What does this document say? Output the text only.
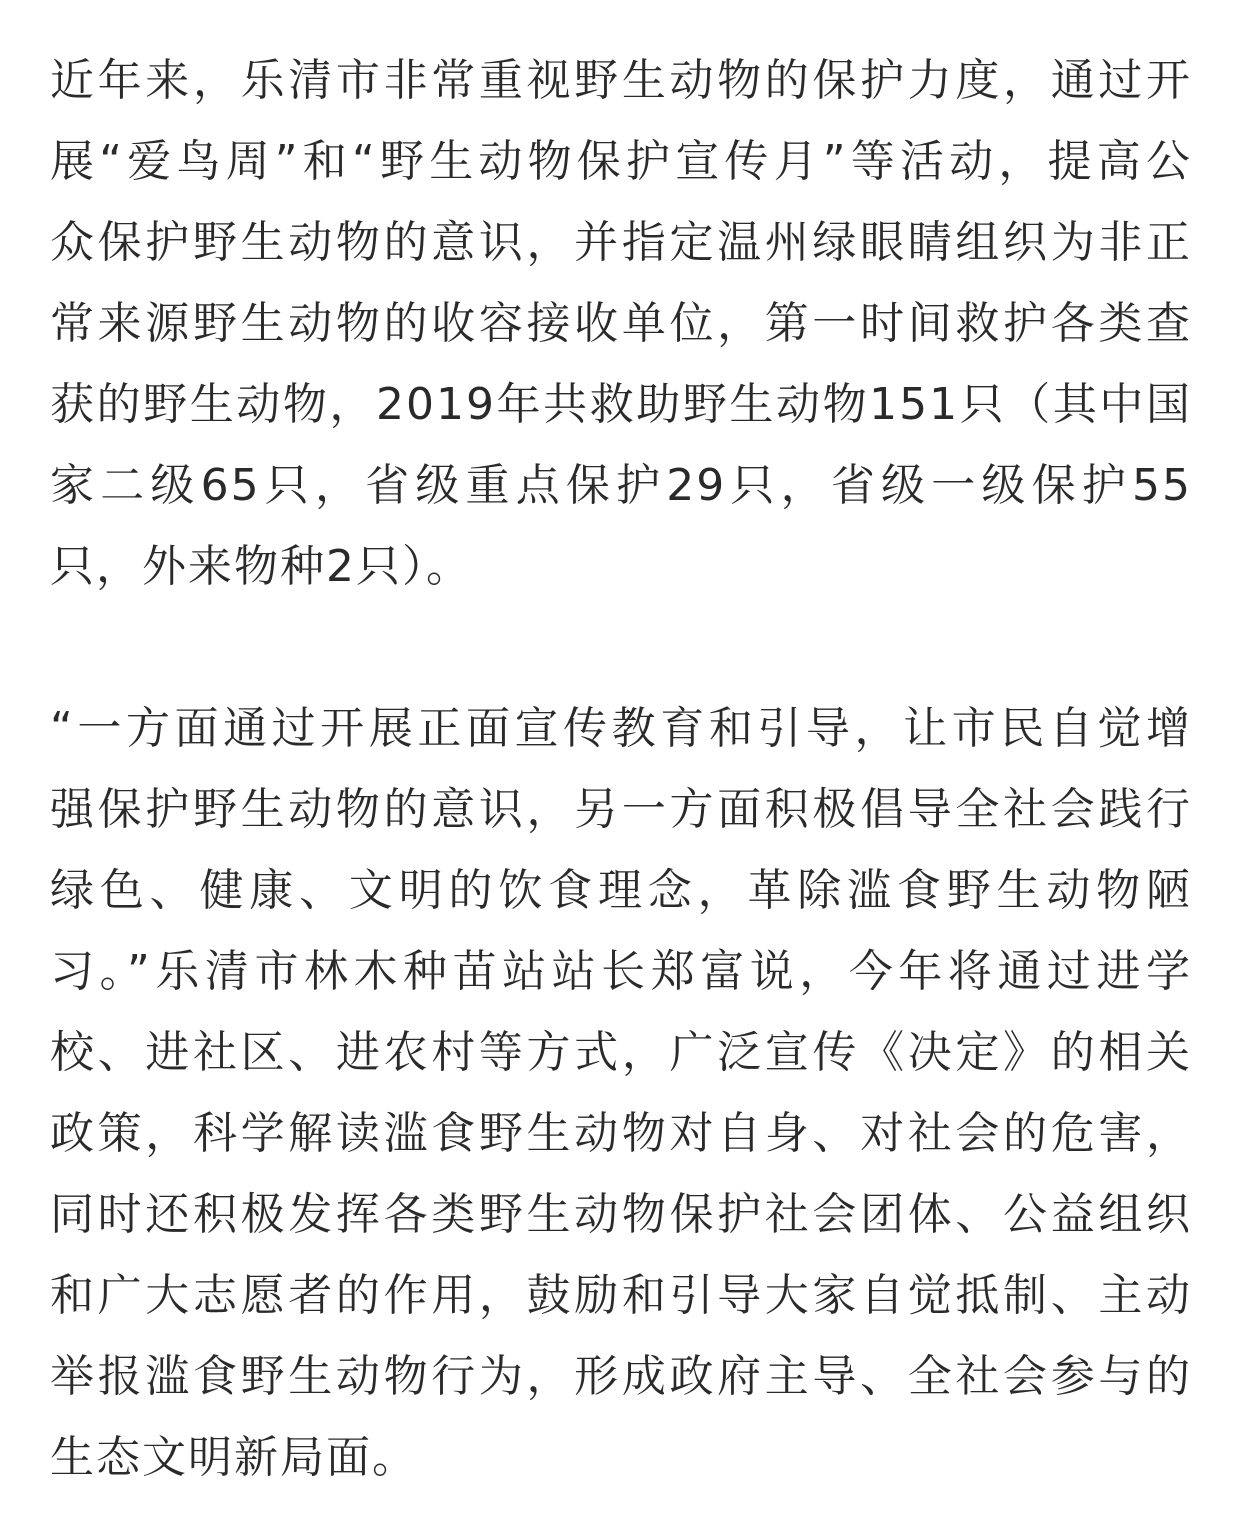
近年来，乐清市非常重视野生动物的保护力度，通过开
展“爱鸟周”和“野生动物保护宣传月”等活动，提高公
众保护野生动物的意识，并指定温州绿眼睛组织为非正
常来源野生动物的收容接收单位，第一时间救护各类查
获的野生动物，2019年共救助野生动物151只（其中国
家二级65只，省级重点保护29只，省级一级保护55
只，外来物种2只）。

“一方面通过开展正面宣传教育和引导，让市民自觉增
强保护野生动物的意识，另一方面积极倡导全社会践行
绿色、健康、文明的饮食理念，革除滥食野生动物陋
习。”乐清市林木种苗站站长郑富说，今年将通过进学
校、进社区、进农村等方式，广泛宣传《决定》的相关
政策，科学解读滥食野生动物对自身、对社会的危害，
同时还积极发挥各类野生动物保护社会团体、公益组织
和广大志愿者的作用，鼓励和引导大家自觉抵制、主动
举报滥食野生动物行为，形成政府主导、全社会参与的
生态文明新局面。
